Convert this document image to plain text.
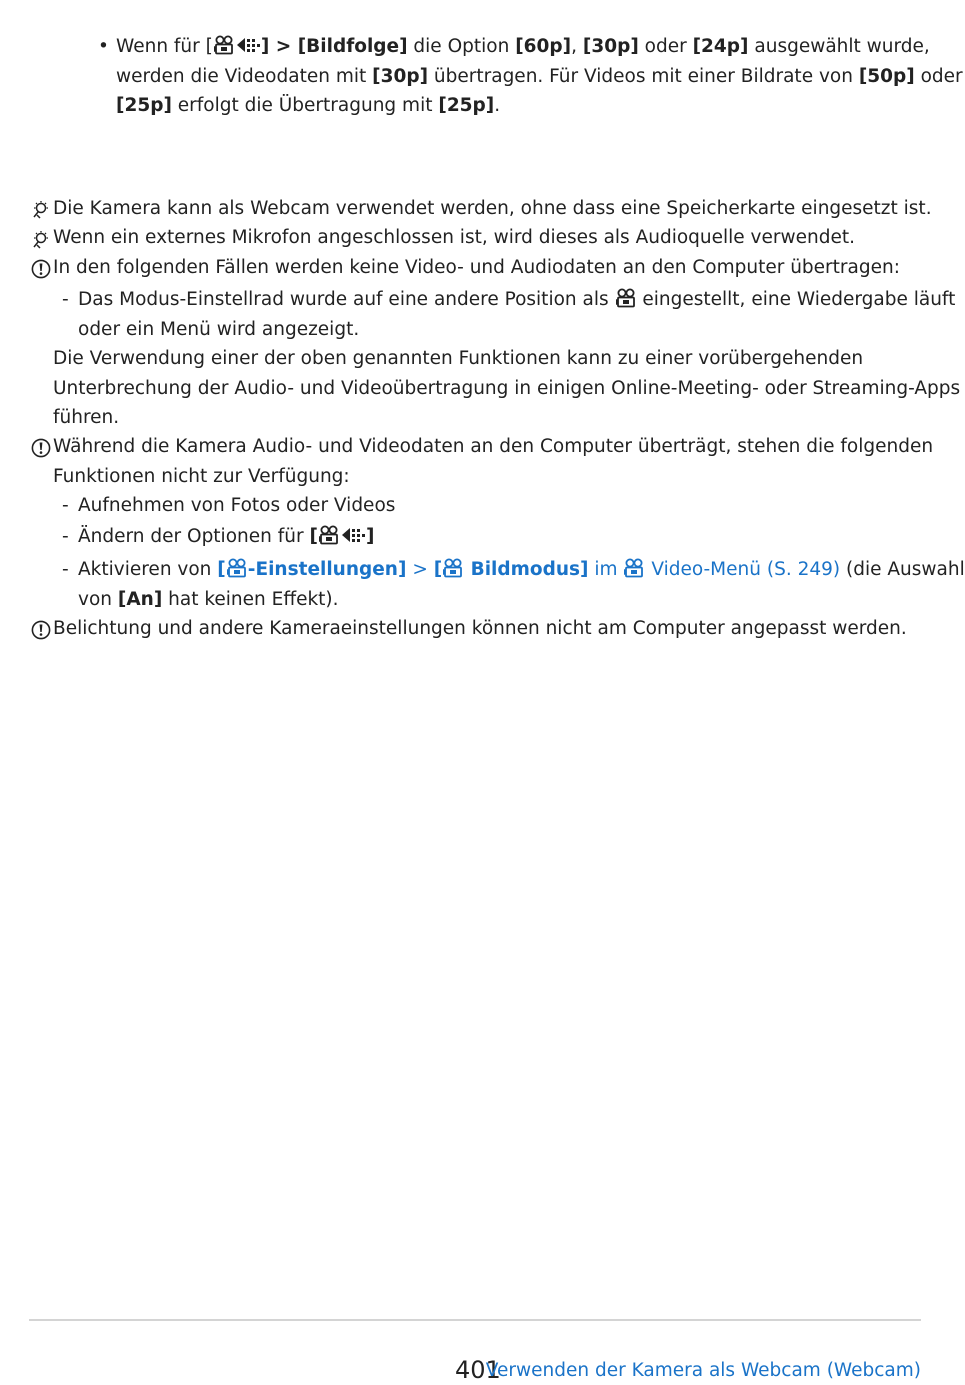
• Wenn für [	] > [Bildfolge] die Option [60p], [30p] oder [24p] ausgewählt wurde,
werden die Videodaten mit [30p] übertragen. Für Videos mit einer Bildrate von [50p] oder
[25p] erfolgt die Übertragung mit [25p].
Die Kamera kann als Webcam verwendet werden, ohne dass eine Speicherkarte eingesetzt ist.
Wenn ein externes Mikrofon angeschlossen ist, wird dieses als Audioquelle verwendet.
In den folgenden Fällen werden keine Video- und Audiodaten an den Computer übertragen:
- Das Modus-Einstellrad wurde auf eine andere Position als  eingestellt, eine Wiedergabe läuft
oder ein Menü wird angezeigt.
Die Verwendung einer der oben genannten Funktionen kann zu einer vorübergehenden
Unterbrechung der Audio- und Videoübertragung in einigen Online-Meeting- oder Streaming-Apps
führen.
Während die Kamera Audio- und Videodaten an den Computer überträgt, stehen die folgenden
Funktionen nicht zur Verfügung:
- Aufnehmen von Fotos oder Videos
- Ändern der Optionen für [	]
- Aktivieren von [ -Einstellungen] > [ Bildmodus] im  Video-Menü (S. 249) (die Auswahl
von [An] hat keinen Effekt).
Belichtung und andere Kameraeinstellungen können nicht am Computer angepasst werden.
401
Verwenden der Kamera als Webcam (Webcam)
